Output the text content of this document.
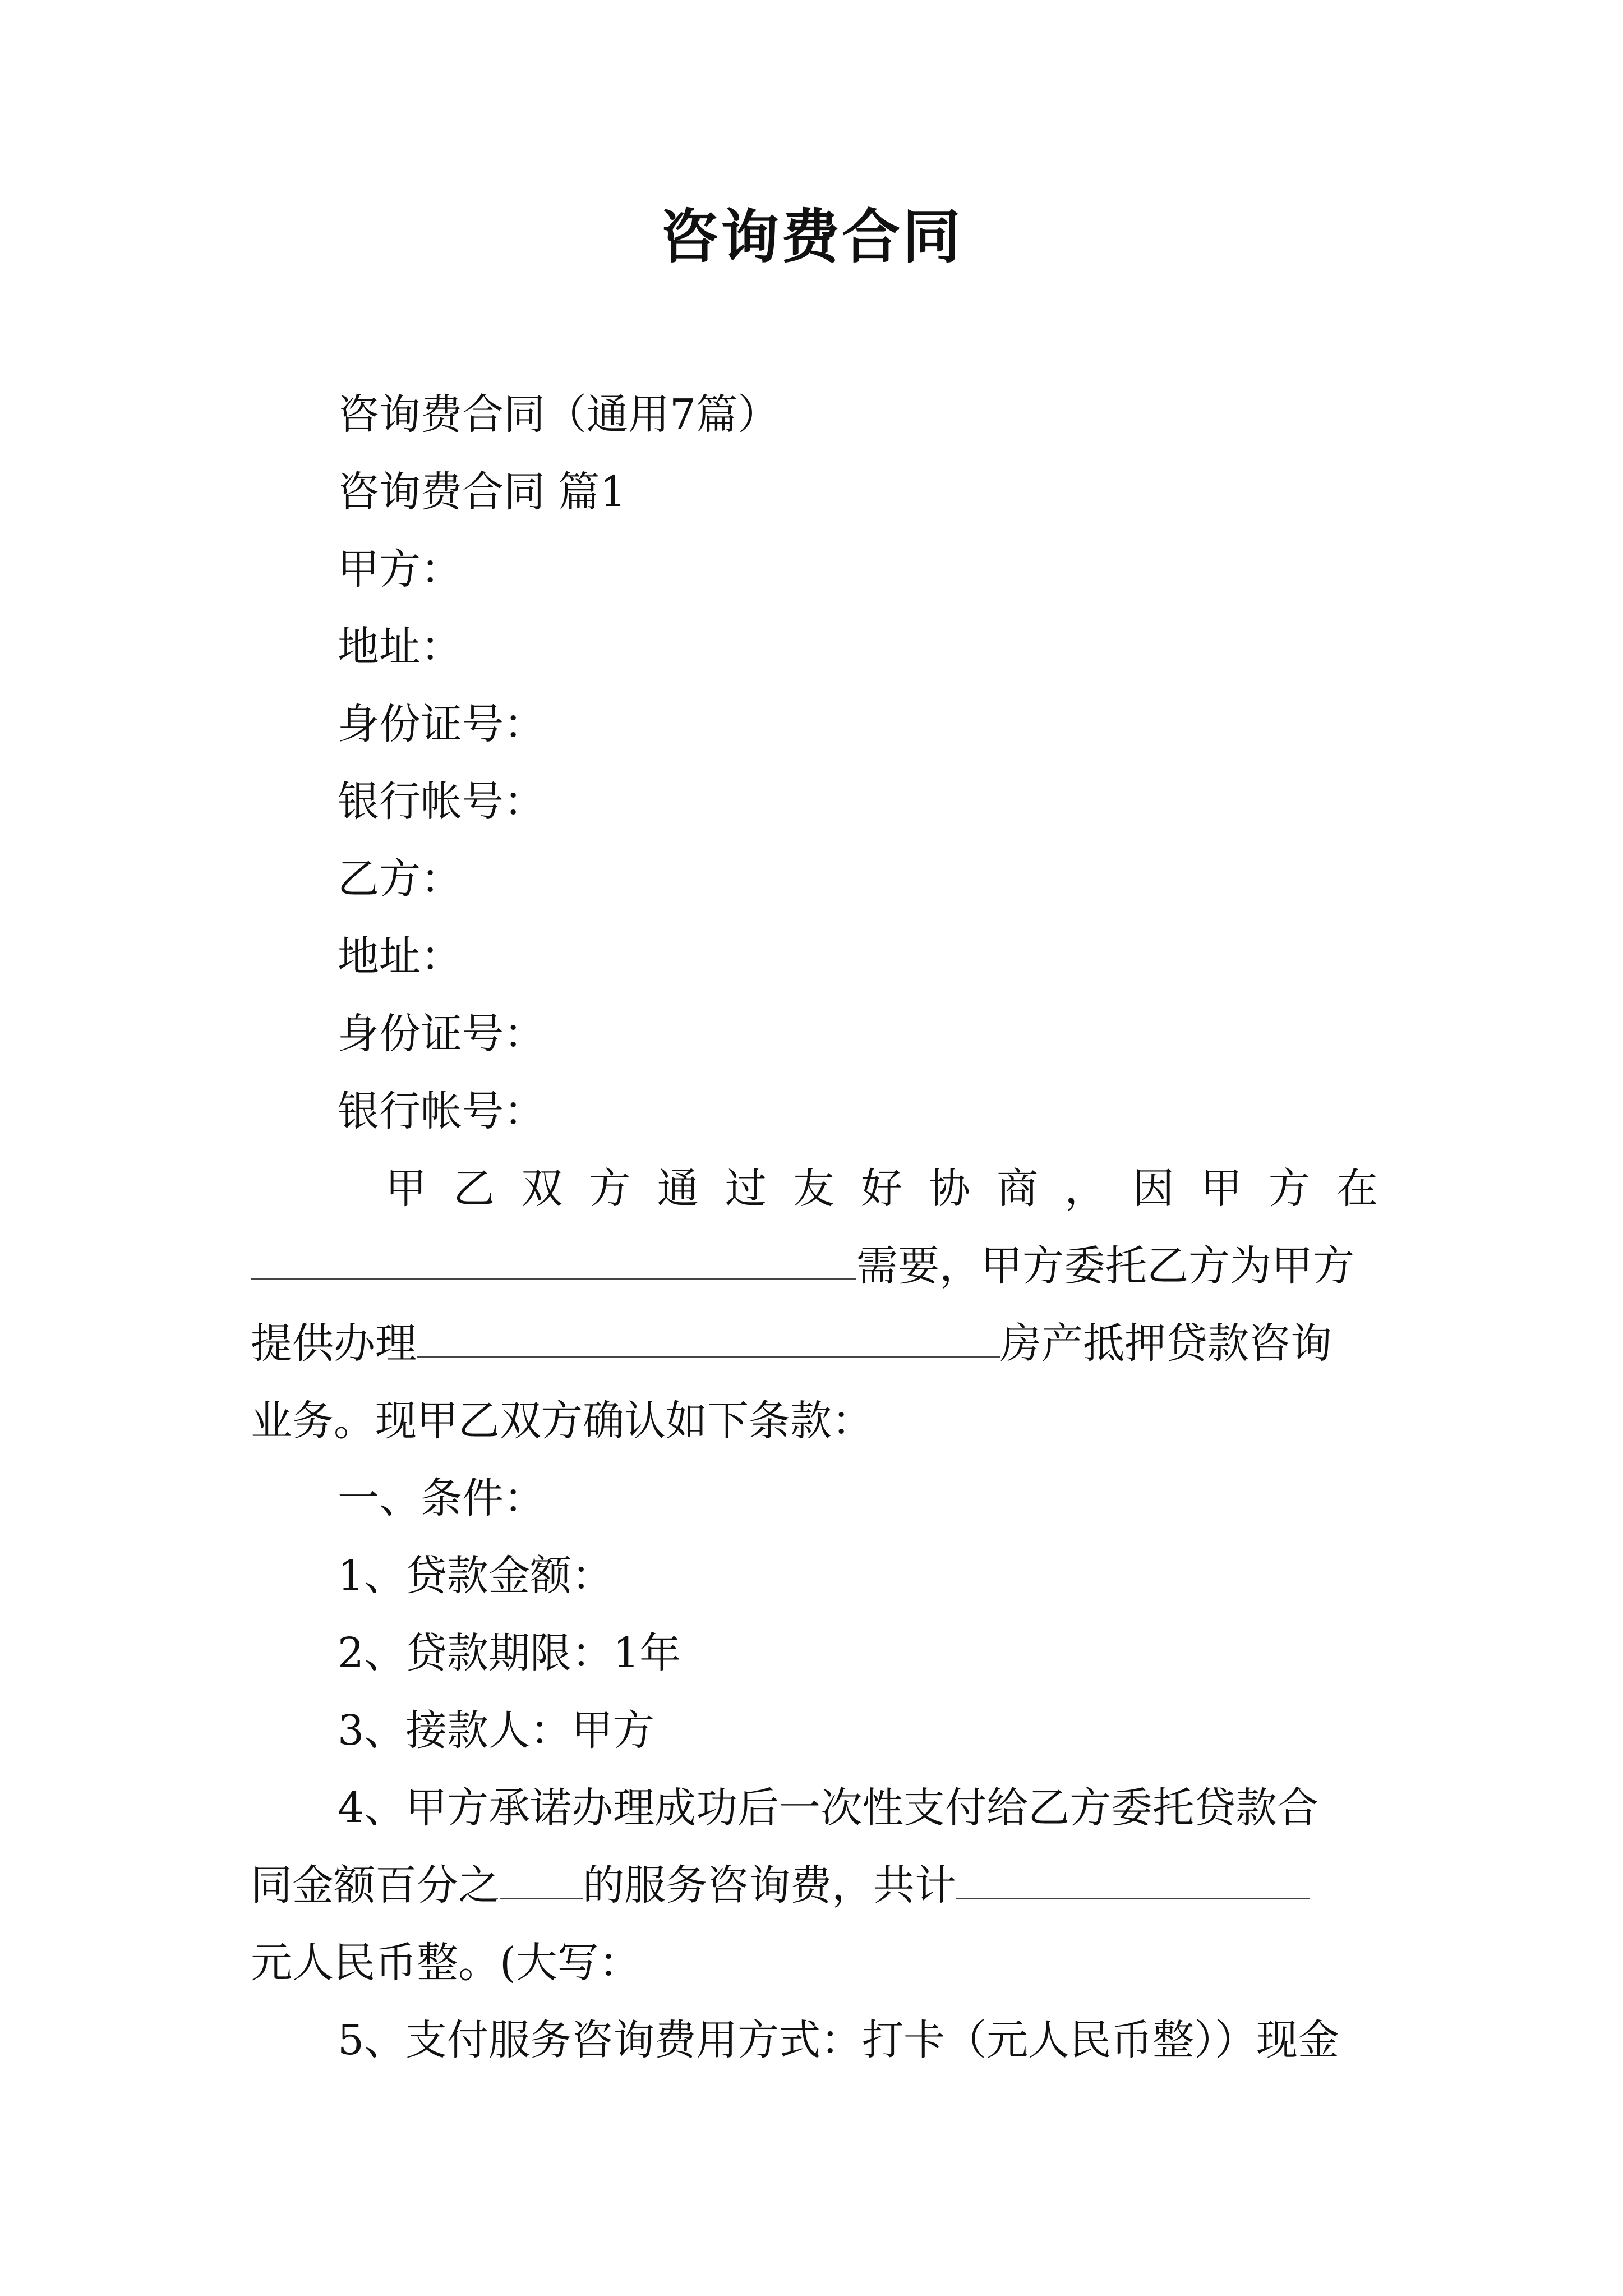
咨询费合同

咨询费合同（通用7篇）

咨询费合同 篇1

甲方：

地址：

身份证号：

银行帐号：

乙方：

地址：

身份证号：

银行帐号：

甲 乙 双 方 通 过 友 好 协 商 ， 因 甲 方 在

需要，甲方委托乙方为甲方

提供办理	房产抵押贷款咨询

业务。现甲乙双方确认如下条款：

一、条件：

1、贷款金额：

2、贷款期限：1年

3、接款人：甲方

4、甲方承诺办理成功后一次性支付给乙方委托贷款合

同金额百分之 的服务咨询费，共计

元人民币整。(大写：

5、支付服务咨询费用方式：打卡（元人民币整））现金
